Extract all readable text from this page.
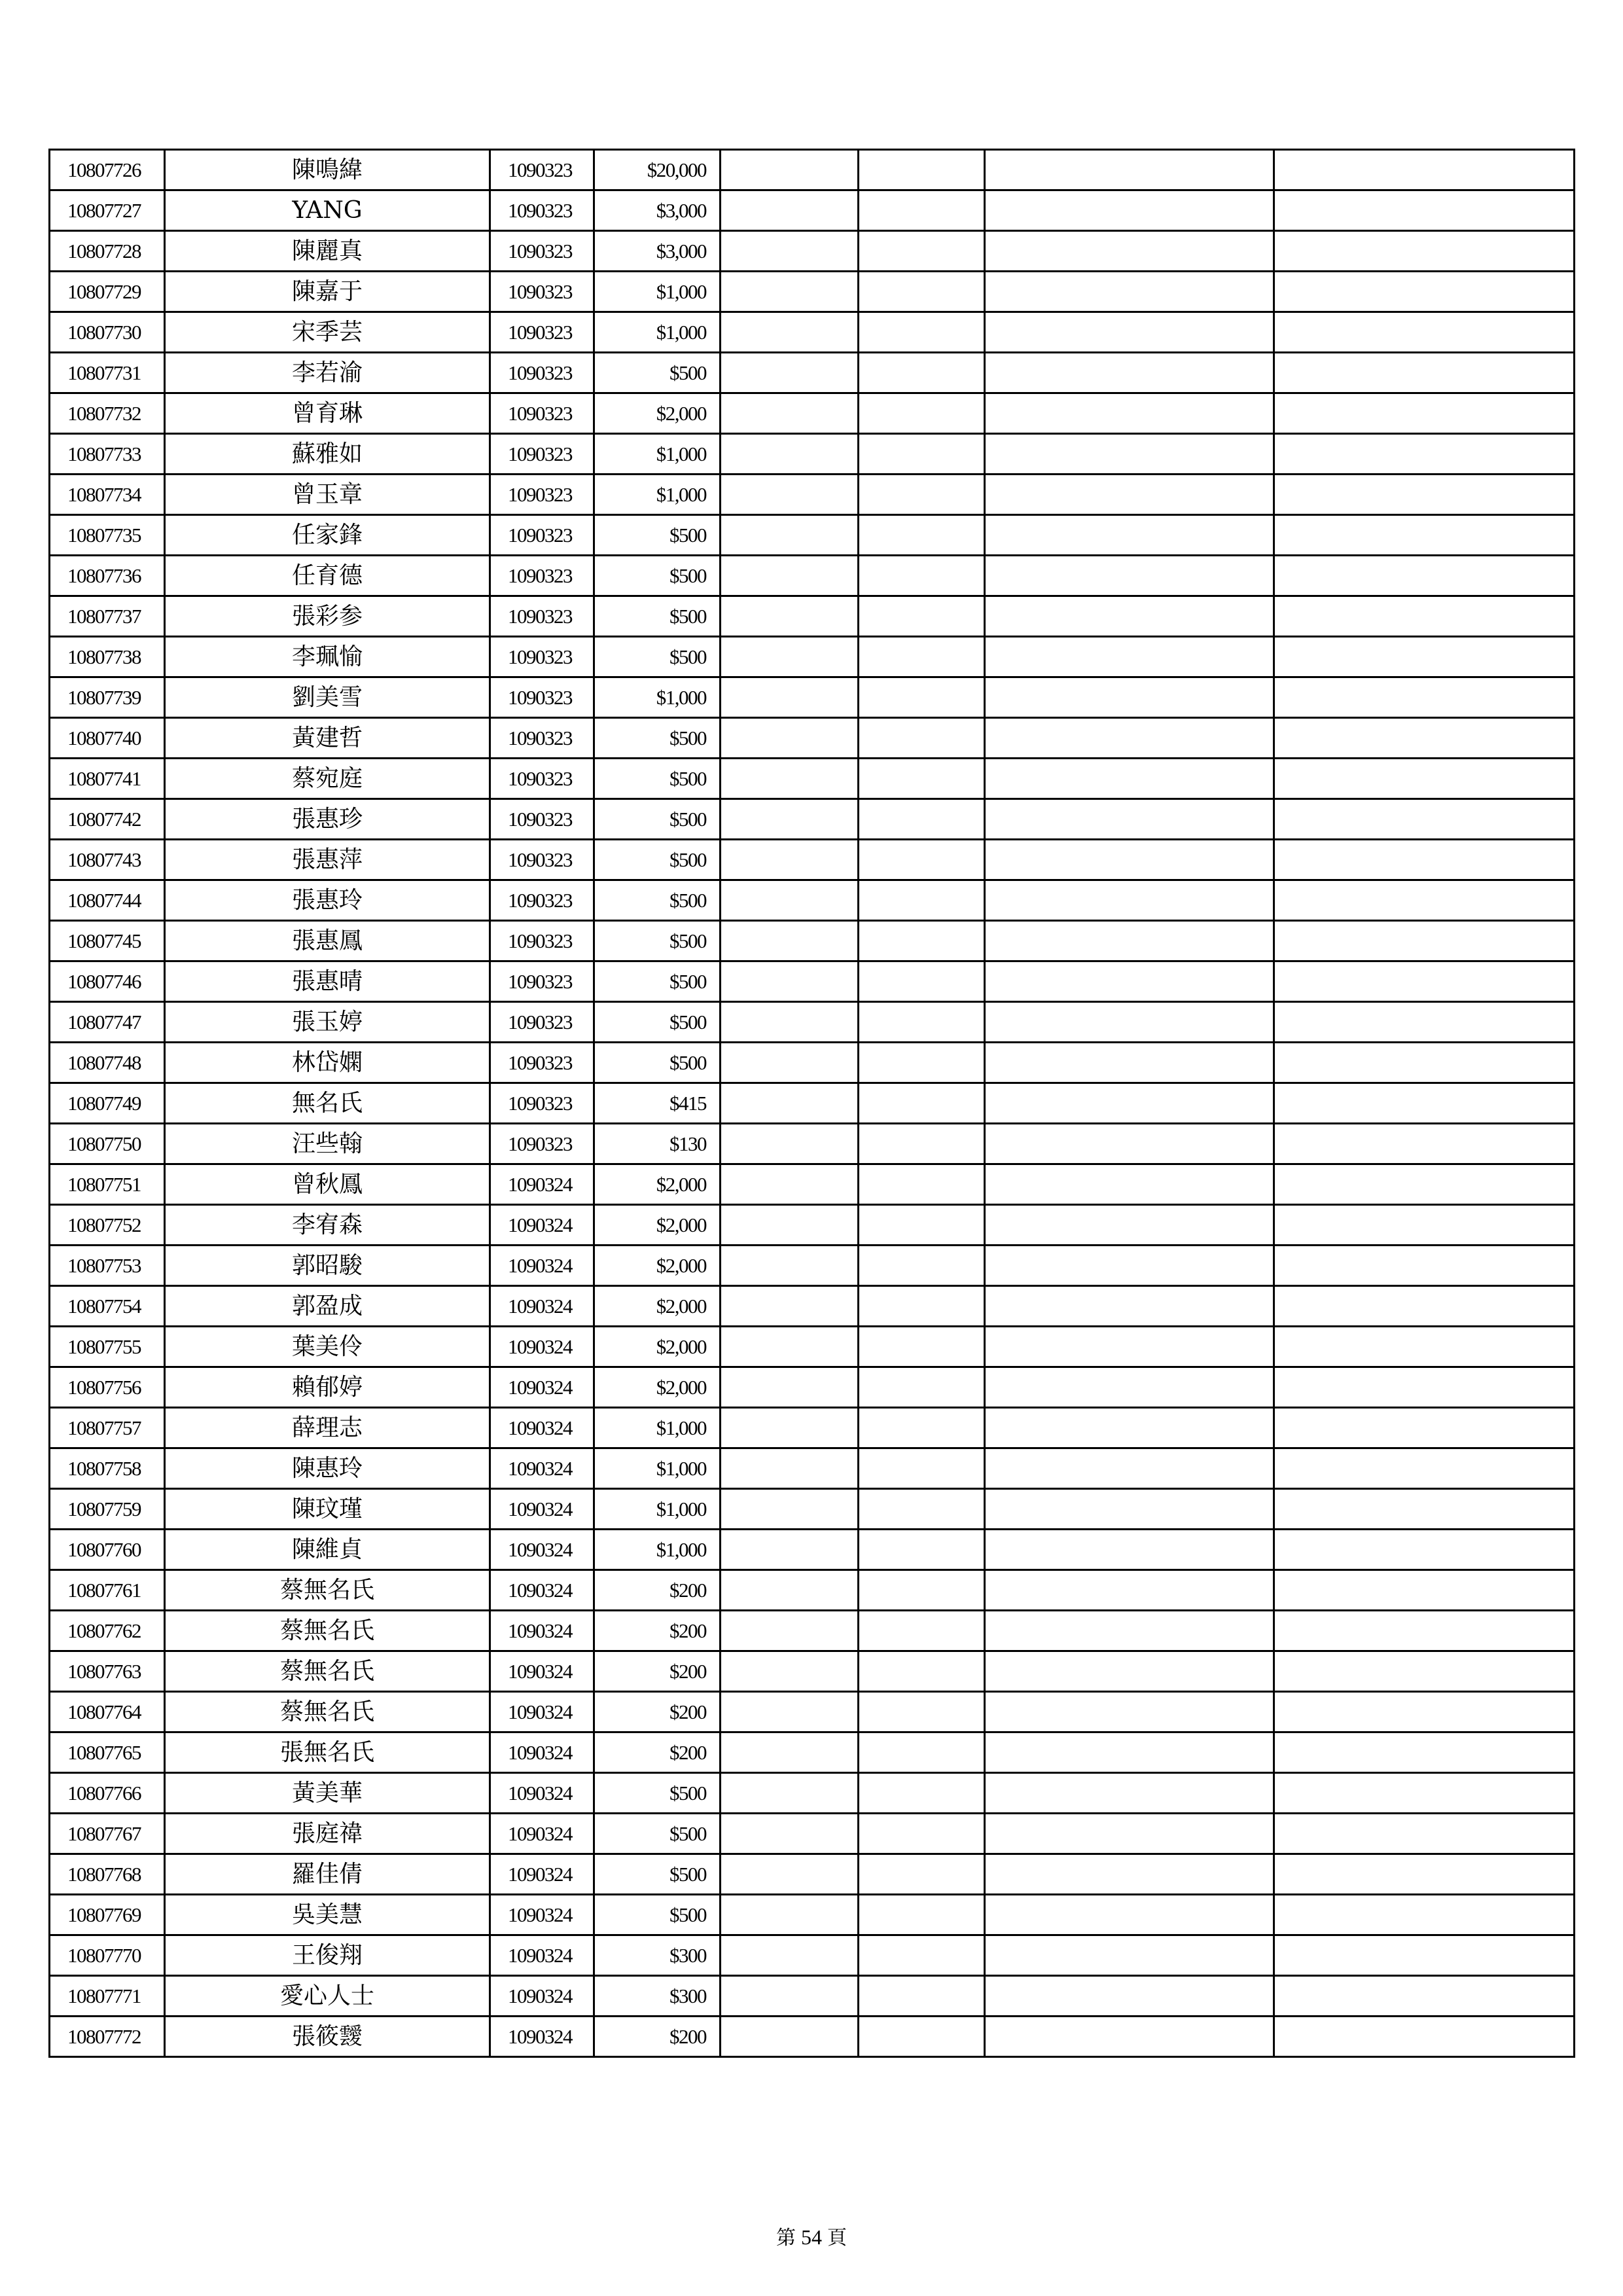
10807726	陳鳴緯	1090323	$20,000				
10807727	YANG	1090323	$3,000				
10807728	陳麗真	1090323	$3,000				
10807729	陳嘉于	1090323	$1,000				
10807730	宋季芸	1090323	$1,000				
10807731	李若渝	1090323	$500				
10807732	曾育琳	1090323	$2,000				
10807733	蘇雅如	1090323	$1,000				
10807734	曾玉章	1090323	$1,000				
10807735	任家鋒	1090323	$500				
10807736	任育德	1090323	$500				
10807737	張彩参	1090323	$500				
10807738	李珮愉	1090323	$500				
10807739	劉美雪	1090323	$1,000				
10807740	黃建哲	1090323	$500				
10807741	蔡宛庭	1090323	$500				
10807742	張惠珍	1090323	$500				
10807743	張惠萍	1090323	$500				
10807744	張惠玲	1090323	$500				
10807745	張惠鳳	1090323	$500				
10807746	張惠晴	1090323	$500				
10807747	張玉婷	1090323	$500				
10807748	林岱嫻	1090323	$500				
10807749	無名氏	1090323	$415				
10807750	汪些翰	1090323	$130				
10807751	曾秋鳳	1090324	$2,000				
10807752	李宥森	1090324	$2,000				
10807753	郭昭駿	1090324	$2,000				
10807754	郭盈成	1090324	$2,000				
10807755	葉美伶	1090324	$2,000				
10807756	賴郁婷	1090324	$2,000				
10807757	薛理志	1090324	$1,000				
10807758	陳惠玲	1090324	$1,000				
10807759	陳玟瑾	1090324	$1,000				
10807760	陳維貞	1090324	$1,000				
10807761	蔡無名氏	1090324	$200				
10807762	蔡無名氏	1090324	$200				
10807763	蔡無名氏	1090324	$200				
10807764	蔡無名氏	1090324	$200				
10807765	張無名氏	1090324	$200				
10807766	黃美華	1090324	$500				
10807767	張庭禕	1090324	$500				
10807768	羅佳倩	1090324	$500				
10807769	吳美慧	1090324	$500				
10807770	王俊翔	1090324	$300				
10807771	愛心人士	1090324	$300				
10807772	張筱靉	1090324	$200				
第 54 頁
